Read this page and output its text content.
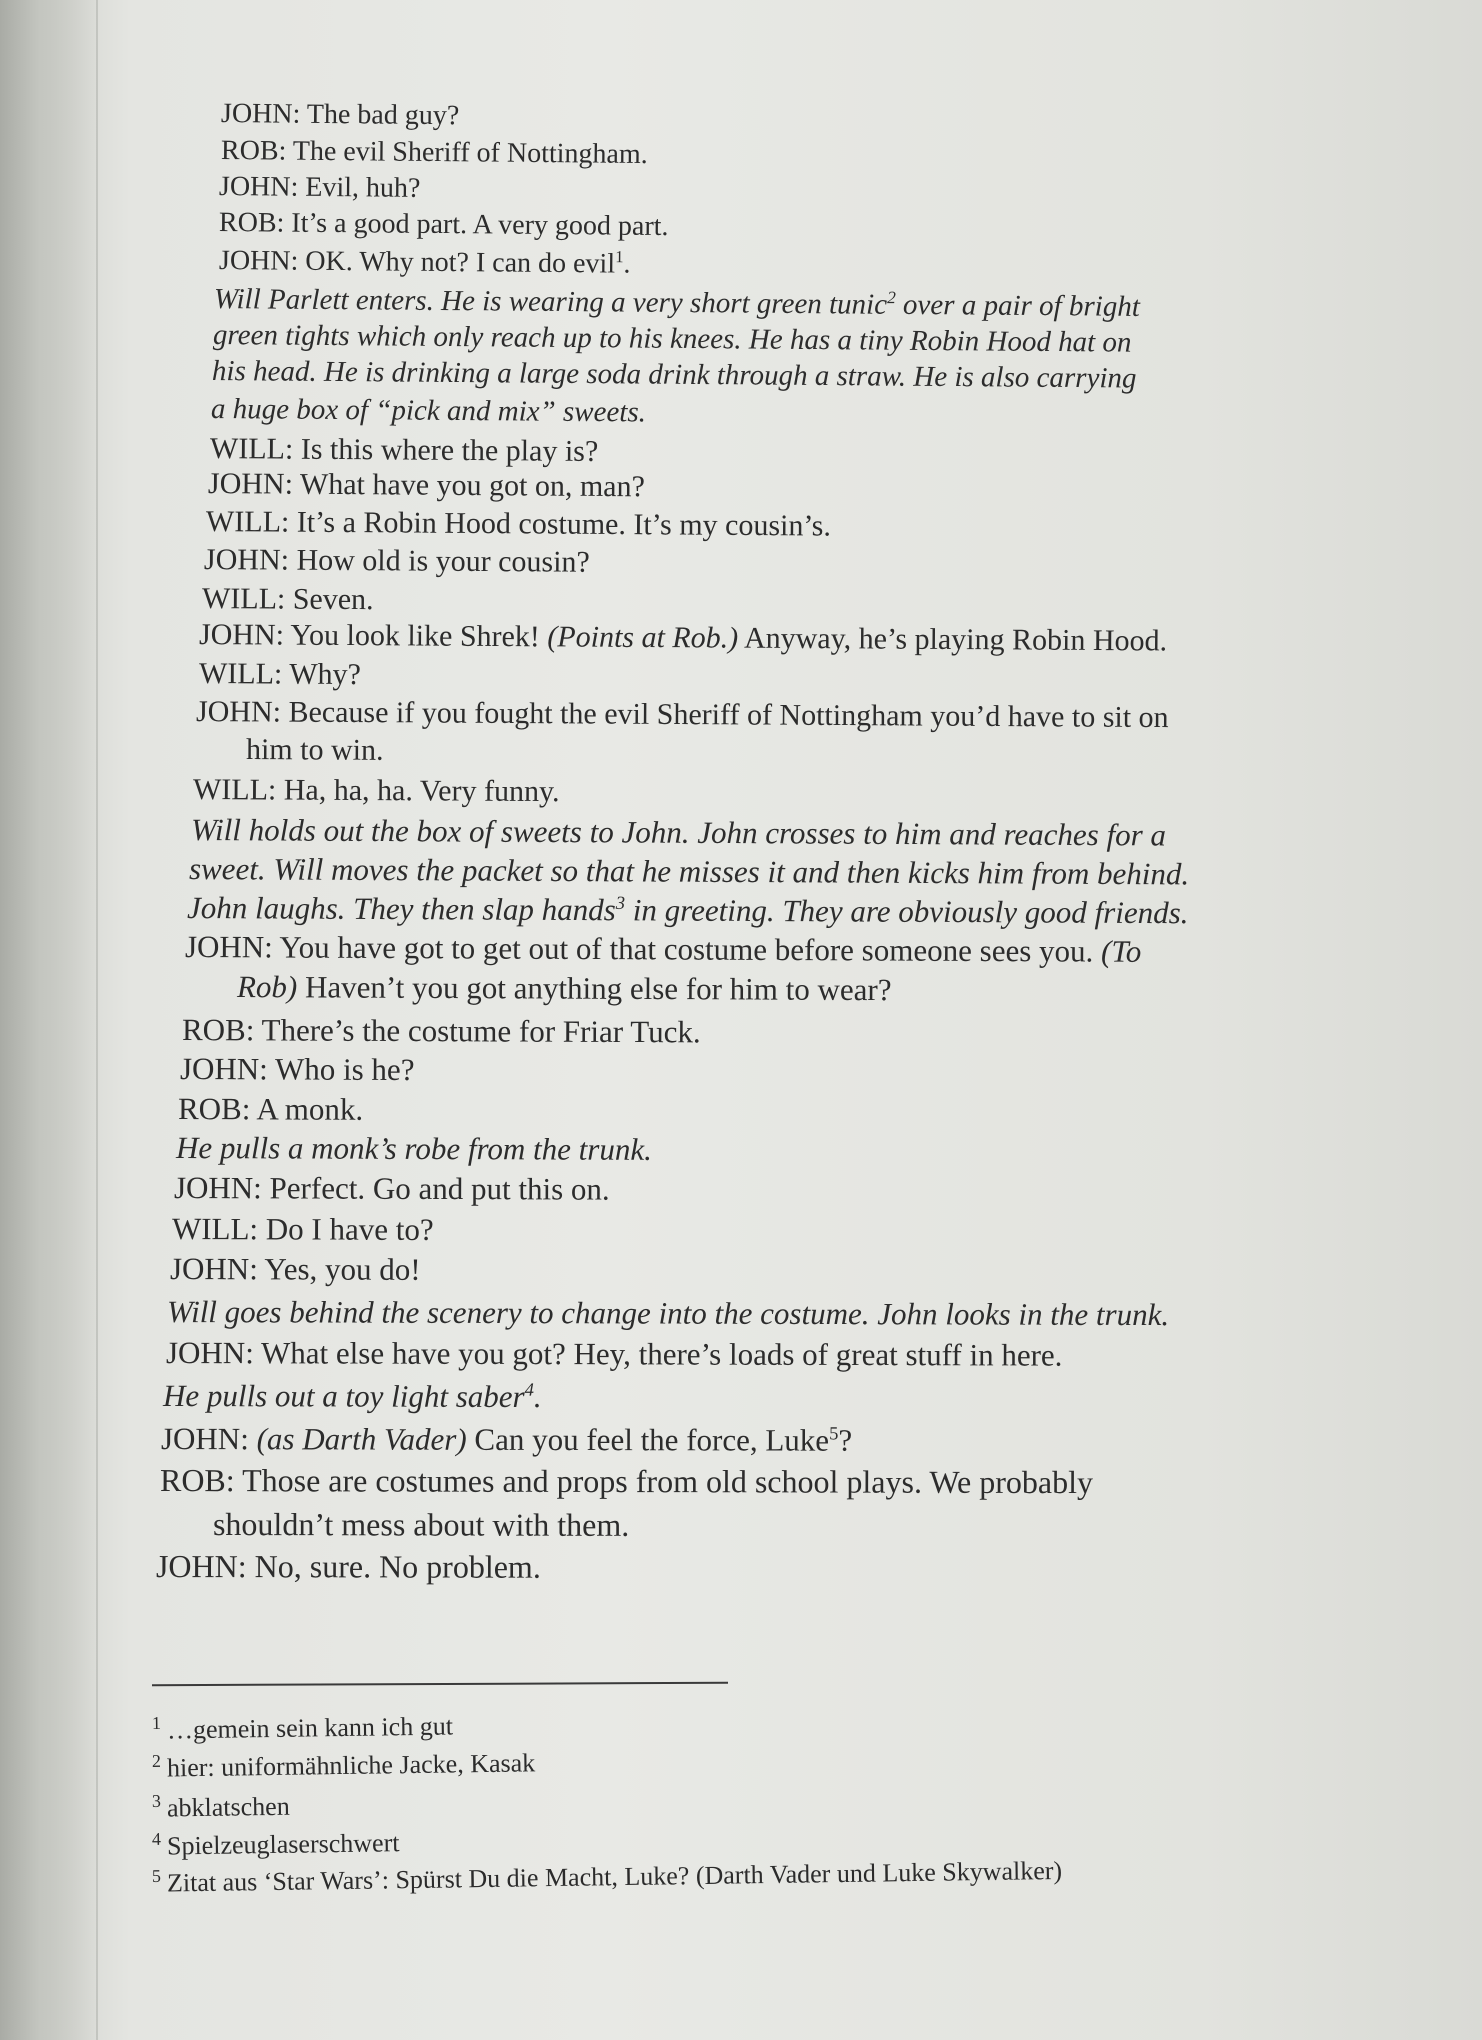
JOHN: The bad guy?
ROB: The evil Sheriff of Nottingham.
JOHN: Evil, huh?
ROB: It’s a good part. A very good part.
JOHN: OK. Why not? I can do evil$^1$.
Will Parlett enters. He is wearing a very short green tunic$^2$ over a pair of bright
green tights which only reach up to his knees. He has a tiny Robin Hood hat on
his head. He is drinking a large soda drink through a straw. He is also carrying
a huge box of “pick and mix” sweets.
WILL: Is this where the play is?
JOHN: What have you got on, man?
WILL: It’s a Robin Hood costume. It’s my cousin’s.
JOHN: How old is your cousin?
WILL: Seven.
JOHN: You look like Shrek! (Points at Rob.) Anyway, he’s playing Robin Hood.
WILL: Why?
JOHN: Because if you fought the evil Sheriff of Nottingham you’d have to sit on
him to win.
WILL: Ha, ha, ha. Very funny.
Will holds out the box of sweets to John. John crosses to him and reaches for a
sweet. Will moves the packet so that he misses it and then kicks him from behind.
John laughs. They then slap hands$^3$ in greeting. They are obviously good friends.
JOHN: You have got to get out of that costume before someone sees you. (To
Rob) Haven’t you got anything else for him to wear?
ROB: There’s the costume for Friar Tuck.
JOHN: Who is he?
ROB: A monk.
He pulls a monk’s robe from the trunk.
JOHN: Perfect. Go and put this on.
WILL: Do I have to?
JOHN: Yes, you do!
Will goes behind the scenery to change into the costume. John looks in the trunk.
JOHN: What else have you got? Hey, there’s loads of great stuff in here.
He pulls out a toy light saber$^4$.
JOHN: (as Darth Vader) Can you feel the force, Luke$^5$?
ROB: Those are costumes and props from old school plays. We probably
shouldn’t mess about with them.
JOHN: No, sure. No problem.
$^1$ …gemein sein kann ich gut
$^2$ hier: uniformähnliche Jacke, Kasak
$^3$ abklatschen
$^4$ Spielzeuglaserschwert
$^5$ Zitat aus ‘Star Wars’: Spürst Du die Macht, Luke? (Darth Vader und Luke Skywalker)
